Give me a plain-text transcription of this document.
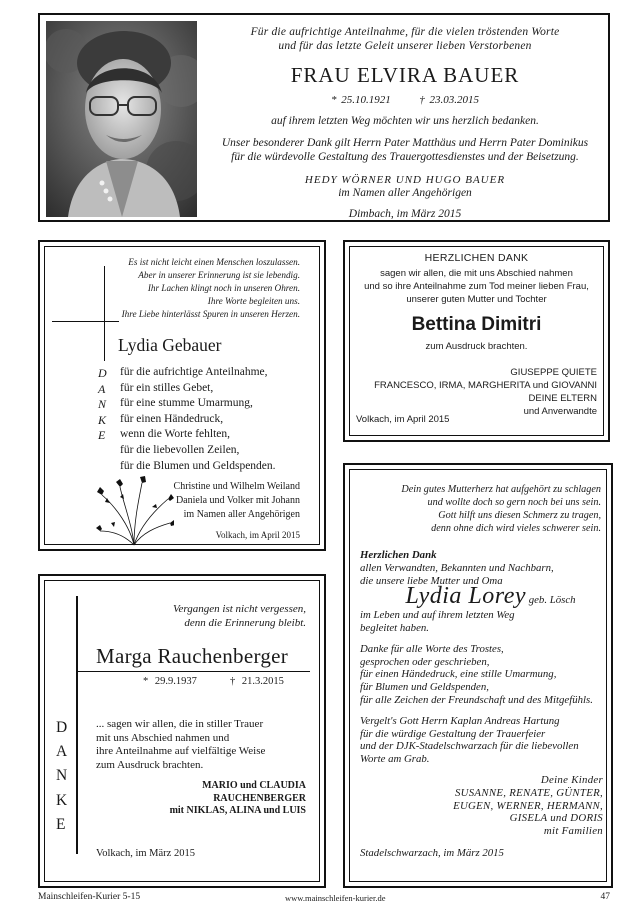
Für die aufrichtige Anteilnahme, für die vielen tröstenden Worte
und für das letzte Geleit unserer lieben Verstorbenen
FRAU ELVIRA BAUER
* 25.10.1921	† 23.03.2015
auf ihrem letzten Weg möchten wir uns herzlich bedanken.
Unser besonderer Dank gilt Herrn Pater Matthäus und Herrn Pater Dominikus
für die würdevolle Gestaltung des Trauergottesdienstes und der Beisetzung.
HEDY WÖRNER UND HUGO BAUER
im Namen aller Angehörigen
Dimbach, im März 2015
Es ist nicht leicht einen Menschen loszulassen.
Aber in unserer Erinnerung ist sie lebendig.
Ihr Lachen klingt noch in unseren Ohren.
Ihre Worte begleiten uns.
Ihre Liebe hinterlässt Spuren in unseren Herzen.
Lydia Gebauer
D
A
N
K
E
für die aufrichtige Anteilnahme,
für ein stilles Gebet,
für eine stumme Umarmung,
für einen Händedruck,
wenn die Worte fehlten,
für die liebevollen Zeilen,
für die Blumen und Geldspenden.
Christine und Wilhelm Weiland
Daniela und Volker mit Johann
im Namen aller Angehörigen
Volkach, im April 2015
HERZLICHEN DANK
sagen wir allen, die mit uns Abschied nahmen
und so ihre Anteilnahme zum Tod meiner lieben Frau,
unserer guten Mutter und Tochter
Bettina Dimitri
zum Ausdruck brachten.
GIUSEPPE QUIETE
FRANCESCO, IRMA, MARGHERITA und GIOVANNI
DEINE ELTERN
und Anverwandte
Volkach, im April 2015
Dein gutes Mutterherz hat aufgehört zu schlagen
und wollte doch so gern noch bei uns sein.
Gott hilft uns diesen Schmerz zu tragen,
denn ohne dich wird vieles schwerer sein.
Herzlichen Dank
allen Verwandten, Bekannten und Nachbarn,
die unsere liebe Mutter und Oma
Lydia Lorey geb. Lösch
im Leben und auf ihrem letzten Weg
begleitet haben.
Danke für alle Worte des Trostes,
gesprochen oder geschrieben,
für einen Händedruck, eine stille Umarmung,
für Blumen und Geldspenden,
für alle Zeichen der Freundschaft und des Mitgefühls.
Vergelt's Gott Herrn Kaplan Andreas Hartung
für die würdige Gestaltung der Trauerfeier
und der DJK-Stadelschwarzach für die liebevollen
Worte am Grab.
Deine Kinder
SUSANNE, RENATE, GÜNTER,
EUGEN, WERNER, HERMANN,
GISELA und DORIS
mit Familien
Stadelschwarzach, im März 2015
Vergangen ist nicht vergessen,
denn die Erinnerung bleibt.
Marga Rauchenberger
* 29.9.1937	† 21.3.2015
D
A
N
K
E
... sagen wir allen, die in stiller Trauer
mit uns Abschied nahmen und
ihre Anteilnahme auf vielfältige Weise
zum Ausdruck brachten.
MARIO und CLAUDIA
RAUCHENBERGER
mit NIKLAS, ALINA und LUIS
Volkach, im März 2015
Mainschleifen-Kurier 5-15	www.mainschleifen-kurier.de	47
